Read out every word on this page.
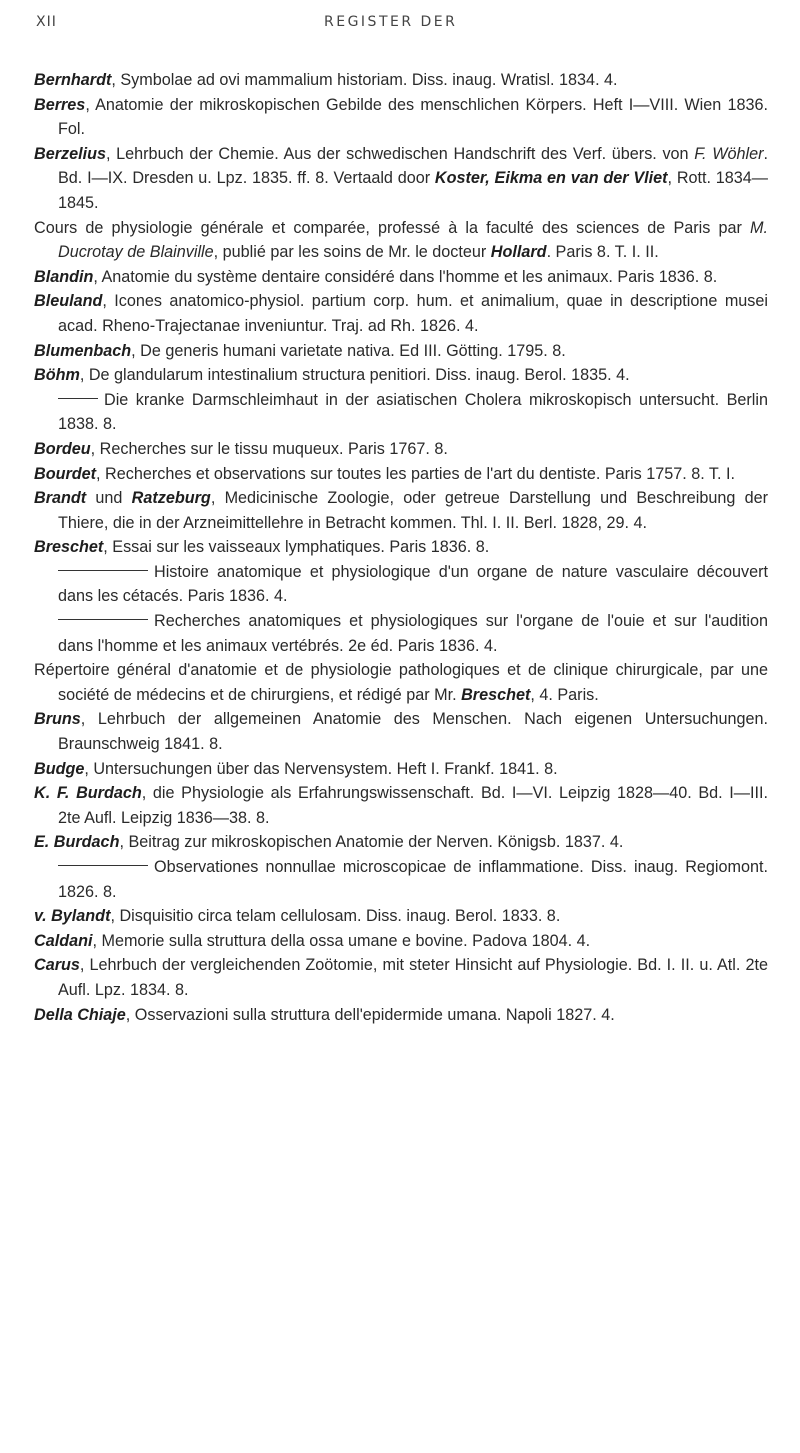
XII	REGISTER DER
Bernhardt, Symbolae ad ovi mammalium historiam. Diss. inaug. Wratisl. 1834. 4.
Berres, Anatomie der mikroskopischen Gebilde des menschlichen Körpers. Heft I—VIII. Wien 1836. Fol.
Berzelius, Lehrbuch der Chemie. Aus der schwedischen Handschrift des Verf. übers. von F. Wöhler. Bd. I—IX. Dresden u. Lpz. 1835. ff. 8. Vertaald door Koster, Eikma en van der Vliet, Rott. 1834—1845.
Cours de physiologie générale et comparée, professé à la faculté des sciences de Paris par M. Ducrotay de Blainville, publié par les soins de Mr. le docteur Hollard. Paris 8. T. I. II.
Blandin, Anatomie du système dentaire considéré dans l'homme et les animaux. Paris 1836. 8.
Bleuland, Icones anatomico-physiol. partium corp. hum. et animalium, quae in descriptione musei acad. Rheno-Trajectanae inveniuntur. Traj. ad Rh. 1826. 4.
Blumenbach, De generis humani varietate nativa. Ed III. Götting. 1795. 8.
Böhm, De glandularum intestinalium structura penitiori. Diss. inaug. Berol. 1835. 4.
Die kranke Darmschleimhaut in der asiatischen Cholera mikroskopisch untersucht. Berlin 1838. 8.
Bordeu, Recherches sur le tissu muqueux. Paris 1767. 8.
Bourdet, Recherches et observations sur toutes les parties de l'art du dentiste. Paris 1757. 8. T. I.
Brandt und Ratzeburg, Medicinische Zoologie, oder getreue Darstellung und Beschreibung der Thiere, die in der Arzneimittellehre in Betracht kommen. Thl. I. II. Berl. 1828, 29. 4.
Breschet, Essai sur les vaisseaux lymphatiques. Paris 1836. 8.
Histoire anatomique et physiologique d'un organe de nature vasculaire découvert dans les cétacés. Paris 1836. 4.
Recherches anatomiques et physiologiques sur l'organe de l'ouie et sur l'audition dans l'homme et les animaux vertébrés. 2e éd. Paris 1836. 4.
Répertoire général d'anatomie et de physiologie pathologiques et de clinique chirurgicale, par une société de médecins et de chirurgiens, et rédigé par Mr. Breschet, 4. Paris.
Bruns, Lehrbuch der allgemeinen Anatomie des Menschen. Nach eigenen Untersuchungen. Braunschweig 1841. 8.
Budge, Untersuchungen über das Nervensystem. Heft I. Frankf. 1841. 8.
K. F. Burdach, die Physiologie als Erfahrungswissenschaft. Bd. I—VI. Leipzig 1828—40. Bd. I—III. 2te Aufl. Leipzig 1836—38. 8.
E. Burdach, Beitrag zur mikroskopischen Anatomie der Nerven. Königsb. 1837. 4.
Observationes nonnullae microscopicae de inflammatione. Diss. inaug. Regiomont. 1826. 8.
v. Bylandt, Disquisitio circa telam cellulosam. Diss. inaug. Berol. 1833. 8.
Caldani, Memorie sulla struttura della ossa umane e bovine. Padova 1804. 4.
Carus, Lehrbuch der vergleichenden Zoötomie, mit steter Hinsicht auf Physiologie. Bd. I. II. u. Atl. 2te Aufl. Lpz. 1834. 8.
Della Chiaje, Osservazioni sulla struttura dell'epidermide umana. Napoli 1827. 4.
